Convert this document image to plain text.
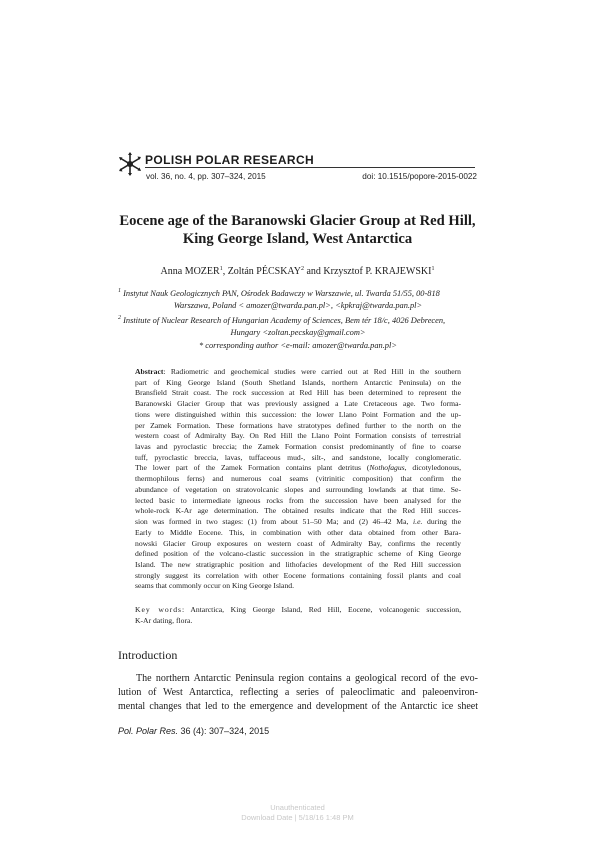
POLISH POLAR RESEARCH
vol. 36, no. 4, pp. 307–324, 2015	doi: 10.1515/popore-2015-0022
Eocene age of the Baranowski Glacier Group at Red Hill,
King George Island, West Antarctica
Anna MOZER$^1$, Zoltán PÉCSKAY$^2$ and Krzysztof P. KRAJEWSKI$^1$
$^1$ Instytut Nauk Geologicznych PAN, Ośrodek Badawczy w Warszawie, ul. Twarda 51/55, 00-818
Warszawa, Poland < amozer@twarda.pan.pl>, <kpkraj@twarda.pan.pl>
$^2$ Institute of Nuclear Research of Hungarian Academy of Sciences, Bem tér 18/c, 4026 Debrecen,
Hungary <zoltan.pecskay@gmail.com>
* corresponding author <e-mail: amozer@twarda.pan.pl>
Abstract: Radiometric and geochemical studies were carried out at Red Hill in the southern
part of King George Island (South Shetland Islands, northern Antarctic Peninsula) on the
Bransfield Strait coast. The rock succession at Red Hill has been determined to represent the
Baranowski Glacier Group that was previously assigned a Late Cretaceous age. Two forma-
tions were distinguished within this succession: the lower Llano Point Formation and the up-
per Zamek Formation. These formations have stratotypes defined further to the north on the
western coast of Admiralty Bay. On Red Hill the Llano Point Formation consists of terrestrial
lavas and pyroclastic breccia; the Zamek Formation consist predominantly of fine to coarse
tuff, pyroclastic breccia, lavas, tuffaceous mud-, silt-, and sandstone, locally conglomeratic.
The lower part of the Zamek Formation contains plant detritus (Nothofagus, dicotyledonous,
thermophilous ferns) and numerous coal seams (vitrinitic composition) that confirm the
abundance of vegetation on stratovolcanic slopes and surrounding lowlands at that time. Se-
lected basic to intermediate igneous rocks from the succession have been analysed for the
whole-rock K-Ar age determination. The obtained results indicate that the Red Hill succes-
sion was formed in two stages: (1) from about 51–50 Ma; and (2) 46–42 Ma, i.e. during the
Early to Middle Eocene. This, in combination with other data obtained from other Bara-
nowski Glacier Group exposures on western coast of Admiralty Bay, confirms the recently
defined position of the volcano-clastic succession in the stratigraphic scheme of King George
Island. The new stratigraphic position and lithofacies development of the Red Hill succession
strongly suggest its correlation with other Eocene formations containing fossil plants and coal
seams that commonly occur on King George Island.
Key words: Antarctica, King George Island, Red Hill, Eocene, volcanogenic succession,
K-Ar dating, flora.
Introduction
The northern Antarctic Peninsula region contains a geological record of the evo-
lution of West Antarctica, reflecting a series of paleoclimatic and paleoenviron-
mental changes that led to the emergence and development of the Antarctic ice sheet
Pol. Polar Res. 36 (4): 307–324, 2015
Unauthenticated
Download Date | 5/18/16 1:48 PM
